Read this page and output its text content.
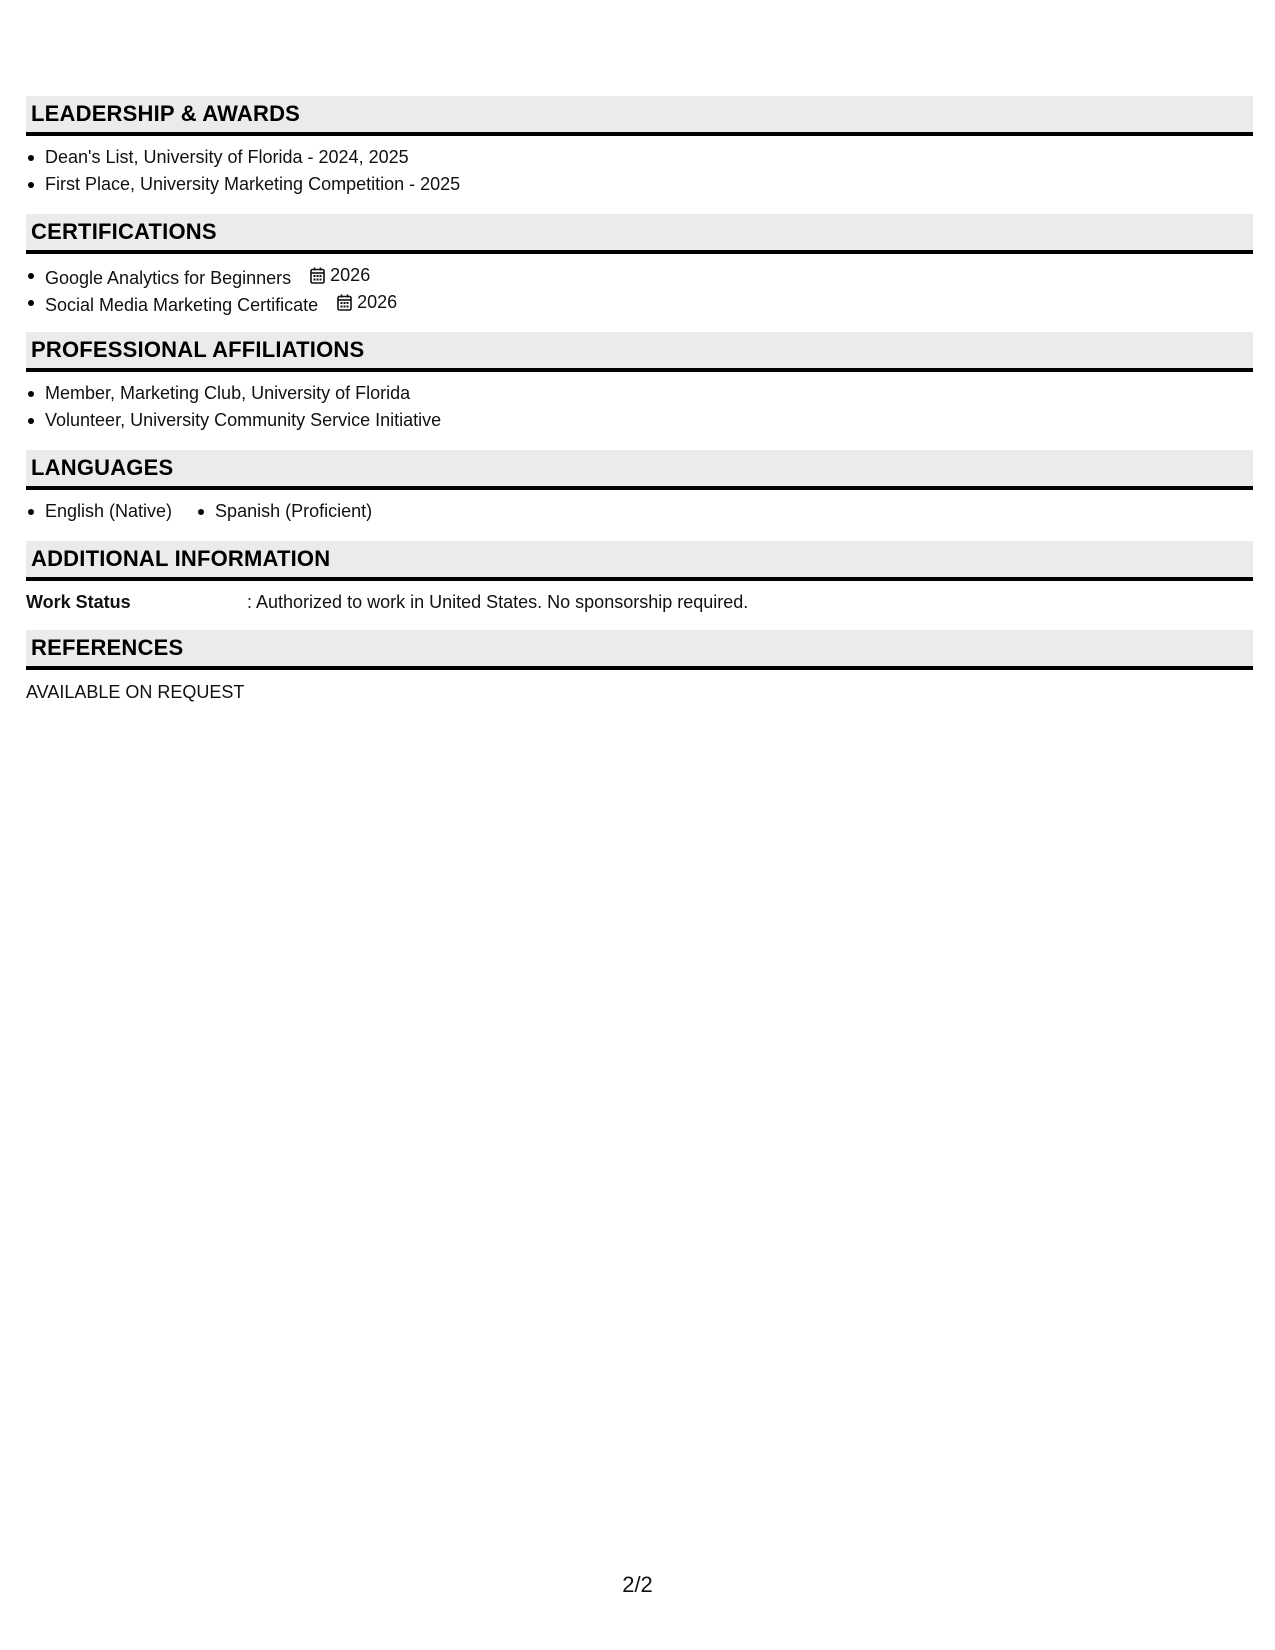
LEADERSHIP & AWARDS
Dean's List, University of Florida - 2024, 2025
First Place, University Marketing Competition - 2025
CERTIFICATIONS
Google Analytics for Beginners 2026
Social Media Marketing Certificate 2026
PROFESSIONAL AFFILIATIONS
Member, Marketing Club, University of Florida
Volunteer, University Community Service Initiative
LANGUAGES
English (Native)	Spanish (Proficient)
ADDITIONAL INFORMATION
Work Status	: Authorized to work in United States. No sponsorship required.
REFERENCES
AVAILABLE ON REQUEST
2/2
